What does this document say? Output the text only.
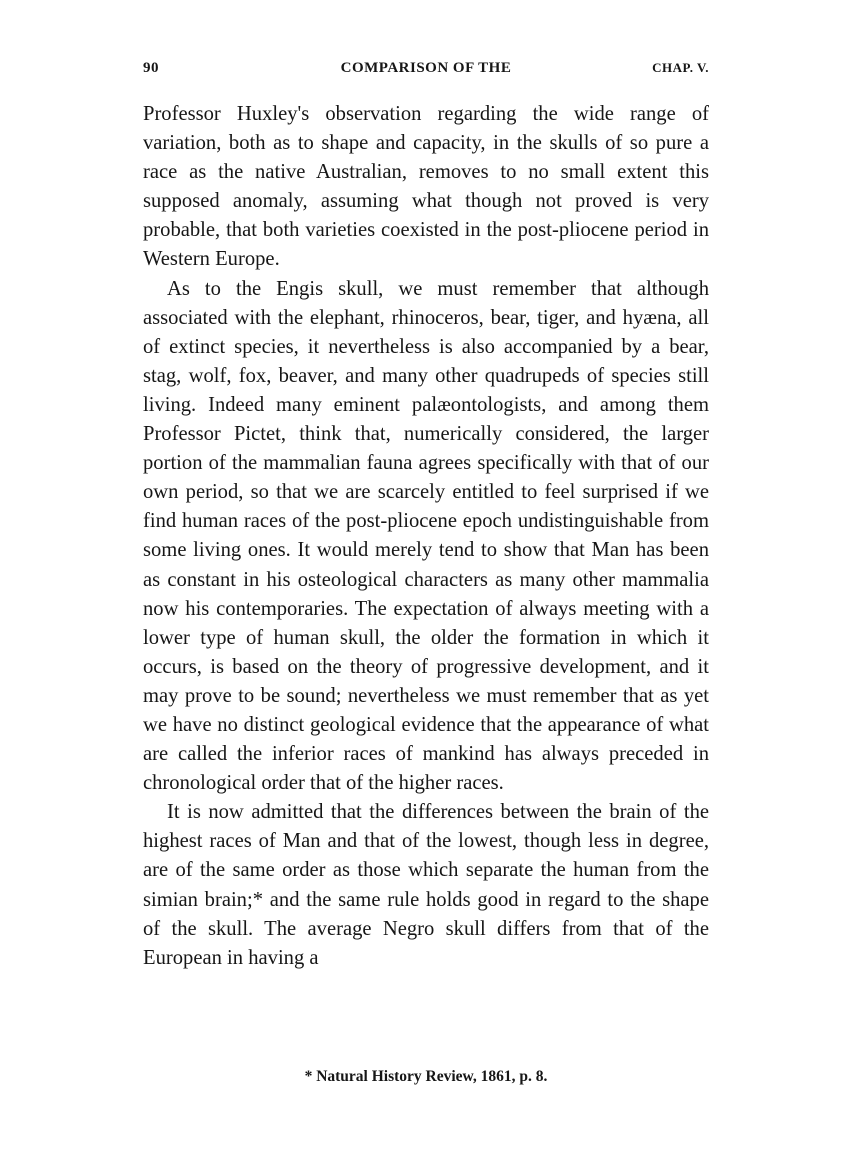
90	COMPARISON OF THE	CHAP. V.

Professor Huxley's observation regarding the wide range of variation, both as to shape and capacity, in the skulls of so pure a race as the native Australian, removes to no small extent this supposed anomaly, assuming what though not proved is very probable, that both varieties coexisted in the post-pliocene period in Western Europe.

As to the Engis skull, we must remember that although associated with the elephant, rhinoceros, bear, tiger, and hyæna, all of extinct species, it nevertheless is also accompanied by a bear, stag, wolf, fox, beaver, and many other quadrupeds of species still living. Indeed many eminent palæontologists, and among them Professor Pictet, think that, numerically considered, the larger portion of the mammalian fauna agrees specifically with that of our own period, so that we are scarcely entitled to feel surprised if we find human races of the post-pliocene epoch undistinguishable from some living ones. It would merely tend to show that Man has been as constant in his osteological characters as many other mammalia now his contemporaries. The expectation of always meeting with a lower type of human skull, the older the formation in which it occurs, is based on the theory of progressive development, and it may prove to be sound; nevertheless we must remember that as yet we have no distinct geological evidence that the appearance of what are called the inferior races of mankind has always preceded in chronological order that of the higher races.

It is now admitted that the differences between the brain of the highest races of Man and that of the lowest, though less in degree, are of the same order as those which separate the human from the simian brain;* and the same rule holds good in regard to the shape of the skull. The average Negro skull differs from that of the European in having a

* Natural History Review, 1861, p. 8.
